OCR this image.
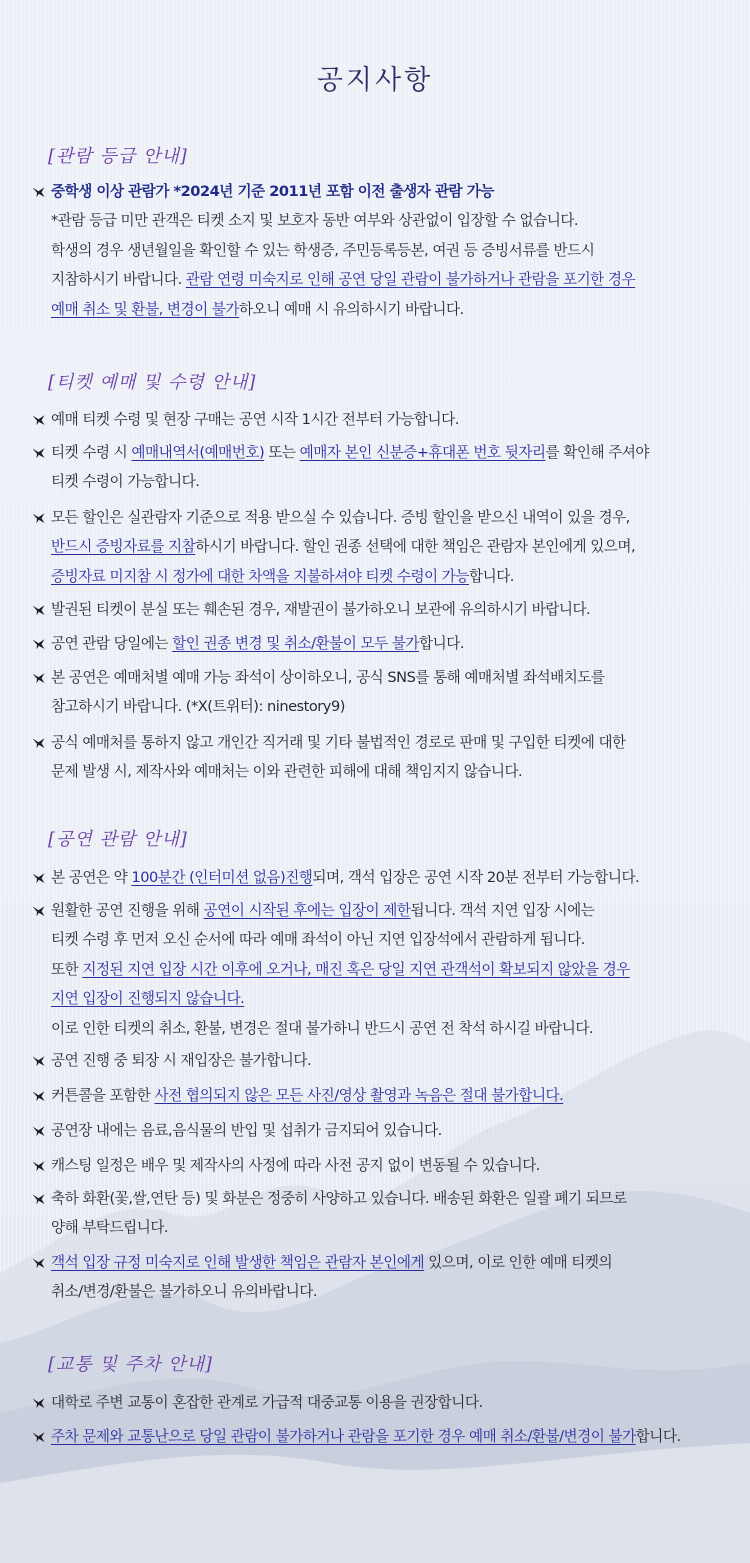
공지사항
[관람 등급 안내]

중학생 이상 관람가 *2024년 기준 2011년 포함 이전 출생자 관람 가능

*관람 등급 미만 관객은 티켓 소지 및 보호자 동반 여부와 상관없이 입장할 수 없습니다.

학생의 경우 생년월일을 확인할 수 있는 학생증, 주민등록등본, 여권 등 증빙서류를 반드시

지참하시기 바랍니다. 관람 연령 미숙지로 인해 공연 당일 관람이 불가하거나 관람을 포기한 경우

예매 취소 및 환불, 변경이 불가하오니 예매 시 유의하시기 바랍니다.

[티켓 예매 및 수령 안내]

예매 티켓 수령 및 현장 구매는 공연 시작 1시간 전부터 가능합니다.

티켓 수령 시 예매내역서(예매번호) 또는 예매자 본인 신분증+휴대폰 번호 뒷자리를 확인해 주셔야

티켓 수령이 가능합니다.

모든 할인은 실관람자 기준으로 적용 받으실 수 있습니다. 증빙 할인을 받으신 내역이 있을 경우,

반드시 증빙자료를 지참하시기 바랍니다. 할인 권종 선택에 대한 책임은 관람자 본인에게 있으며,

증빙자료 미지참 시 정가에 대한 차액을 지불하셔야 티켓 수령이 가능합니다.

발권된 티켓이 분실 또는 훼손된 경우, 재발권이 불가하오니 보관에 유의하시기 바랍니다.

공연 관람 당일에는 할인 권종 변경 및 취소/환불이 모두 불가합니다.

본 공연은 예매처별 예매 가능 좌석이 상이하오니, 공식 SNS를 통해 예매처별 좌석배치도를

참고하시기 바랍니다. (*X(트위터): ninestory9)

공식 예매처를 통하지 않고 개인간 직거래 및 기타 불법적인 경로로 판매 및 구입한 티켓에 대한

문제 발생 시, 제작사와 예매처는 이와 관련한 피해에 대해 책임지지 않습니다.

[공연 관람 안내]

본 공연은 약 100분간 (인터미션 없음)진행되며, 객석 입장은 공연 시작 20분 전부터 가능합니다.

원활한 공연 진행을 위해 공연이 시작된 후에는 입장이 제한됩니다. 객석 지연 입장 시에는

티켓 수령 후 먼저 오신 순서에 따라 예매 좌석이 아닌 지연 입장석에서 관람하게 됩니다.

또한 지정된 지연 입장 시간 이후에 오거나, 매진 혹은 당일 지연 관객석이 확보되지 않았을 경우

지연 입장이 진행되지 않습니다.

이로 인한 티켓의 취소, 환불, 변경은 절대 불가하니 반드시 공연 전 착석 하시길 바랍니다.

공연 진행 중 퇴장 시 재입장은 불가합니다.

커튼콜을 포함한 사전 협의되지 않은 모든 사진/영상 촬영과 녹음은 절대 불가합니다.

공연장 내에는 음료,음식물의 반입 및 섭취가 금지되어 있습니다.

캐스팅 일정은 배우 및 제작사의 사정에 따라 사전 공지 없이 변동될 수 있습니다.

축하 화환(꽃,쌀,연탄 등) 및 화분은 정중히 사양하고 있습니다. 배송된 화환은 일괄 폐기 되므로

양해 부탁드립니다.

객석 입장 규정 미숙지로 인해 발생한 책임은 관람자 본인에게 있으며, 이로 인한 예매 티켓의

취소/변경/환불은 불가하오니 유의바랍니다.

[교통 및 주차 안내]

대학로 주변 교통이 혼잡한 관계로 가급적 대중교통 이용을 권장합니다.

주차 문제와 교통난으로 당일 관람이 불가하거나 관람을 포기한 경우 예매 취소/환불/변경이 불가합니다.
